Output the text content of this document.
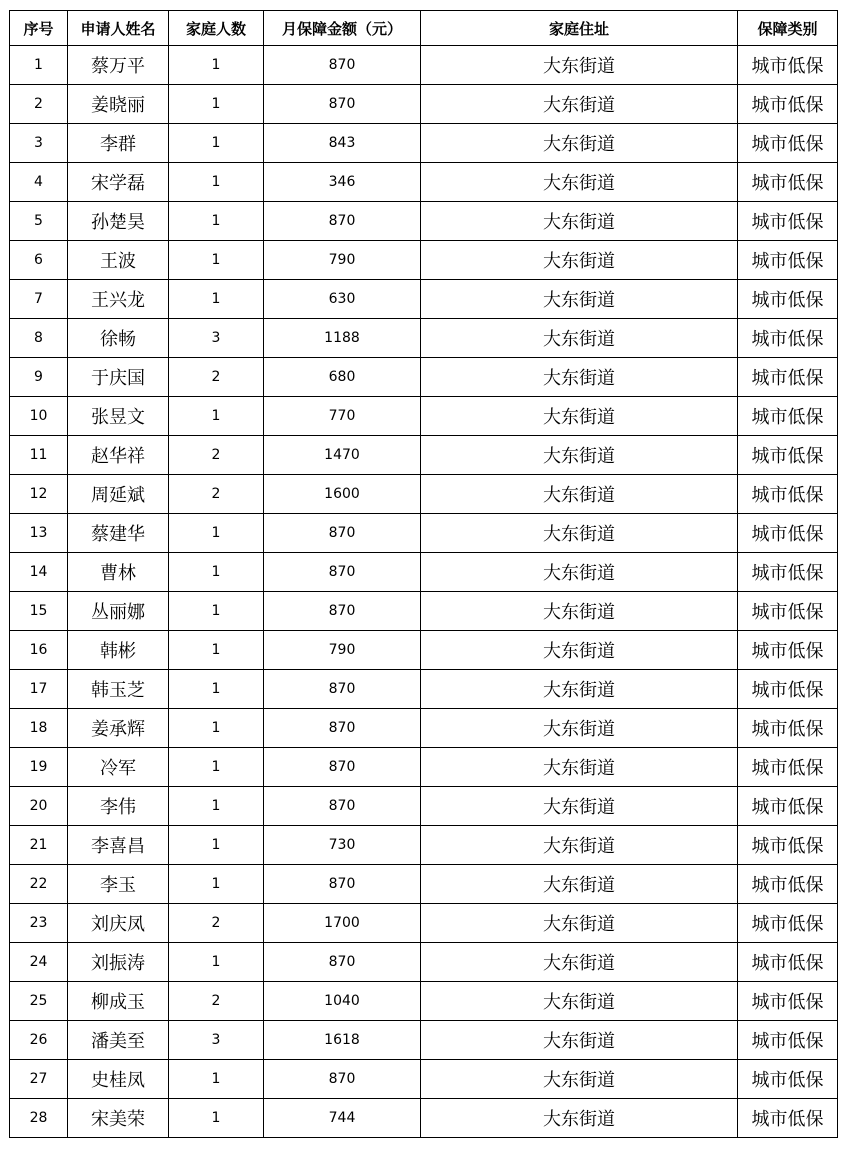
序号	申请人姓名	家庭人数	月保障金额（元）	家庭住址	保障类别
1	蔡万平	1	870	大东街道	城市低保
2	姜晓丽	1	870	大东街道	城市低保
3	李群	1	843	大东街道	城市低保
4	宋学磊	1	346	大东街道	城市低保
5	孙楚昊	1	870	大东街道	城市低保
6	王波	1	790	大东街道	城市低保
7	王兴龙	1	630	大东街道	城市低保
8	徐畅	3	1188	大东街道	城市低保
9	于庆国	2	680	大东街道	城市低保
10	张昱文	1	770	大东街道	城市低保
11	赵华祥	2	1470	大东街道	城市低保
12	周延斌	2	1600	大东街道	城市低保
13	蔡建华	1	870	大东街道	城市低保
14	曹林	1	870	大东街道	城市低保
15	丛丽娜	1	870	大东街道	城市低保
16	韩彬	1	790	大东街道	城市低保
17	韩玉芝	1	870	大东街道	城市低保
18	姜承辉	1	870	大东街道	城市低保
19	冷军	1	870	大东街道	城市低保
20	李伟	1	870	大东街道	城市低保
21	李喜昌	1	730	大东街道	城市低保
22	李玉	1	870	大东街道	城市低保
23	刘庆凤	2	1700	大东街道	城市低保
24	刘振涛	1	870	大东街道	城市低保
25	柳成玉	2	1040	大东街道	城市低保
26	潘美至	3	1618	大东街道	城市低保
27	史桂凤	1	870	大东街道	城市低保
28	宋美荣	1	744	大东街道	城市低保
